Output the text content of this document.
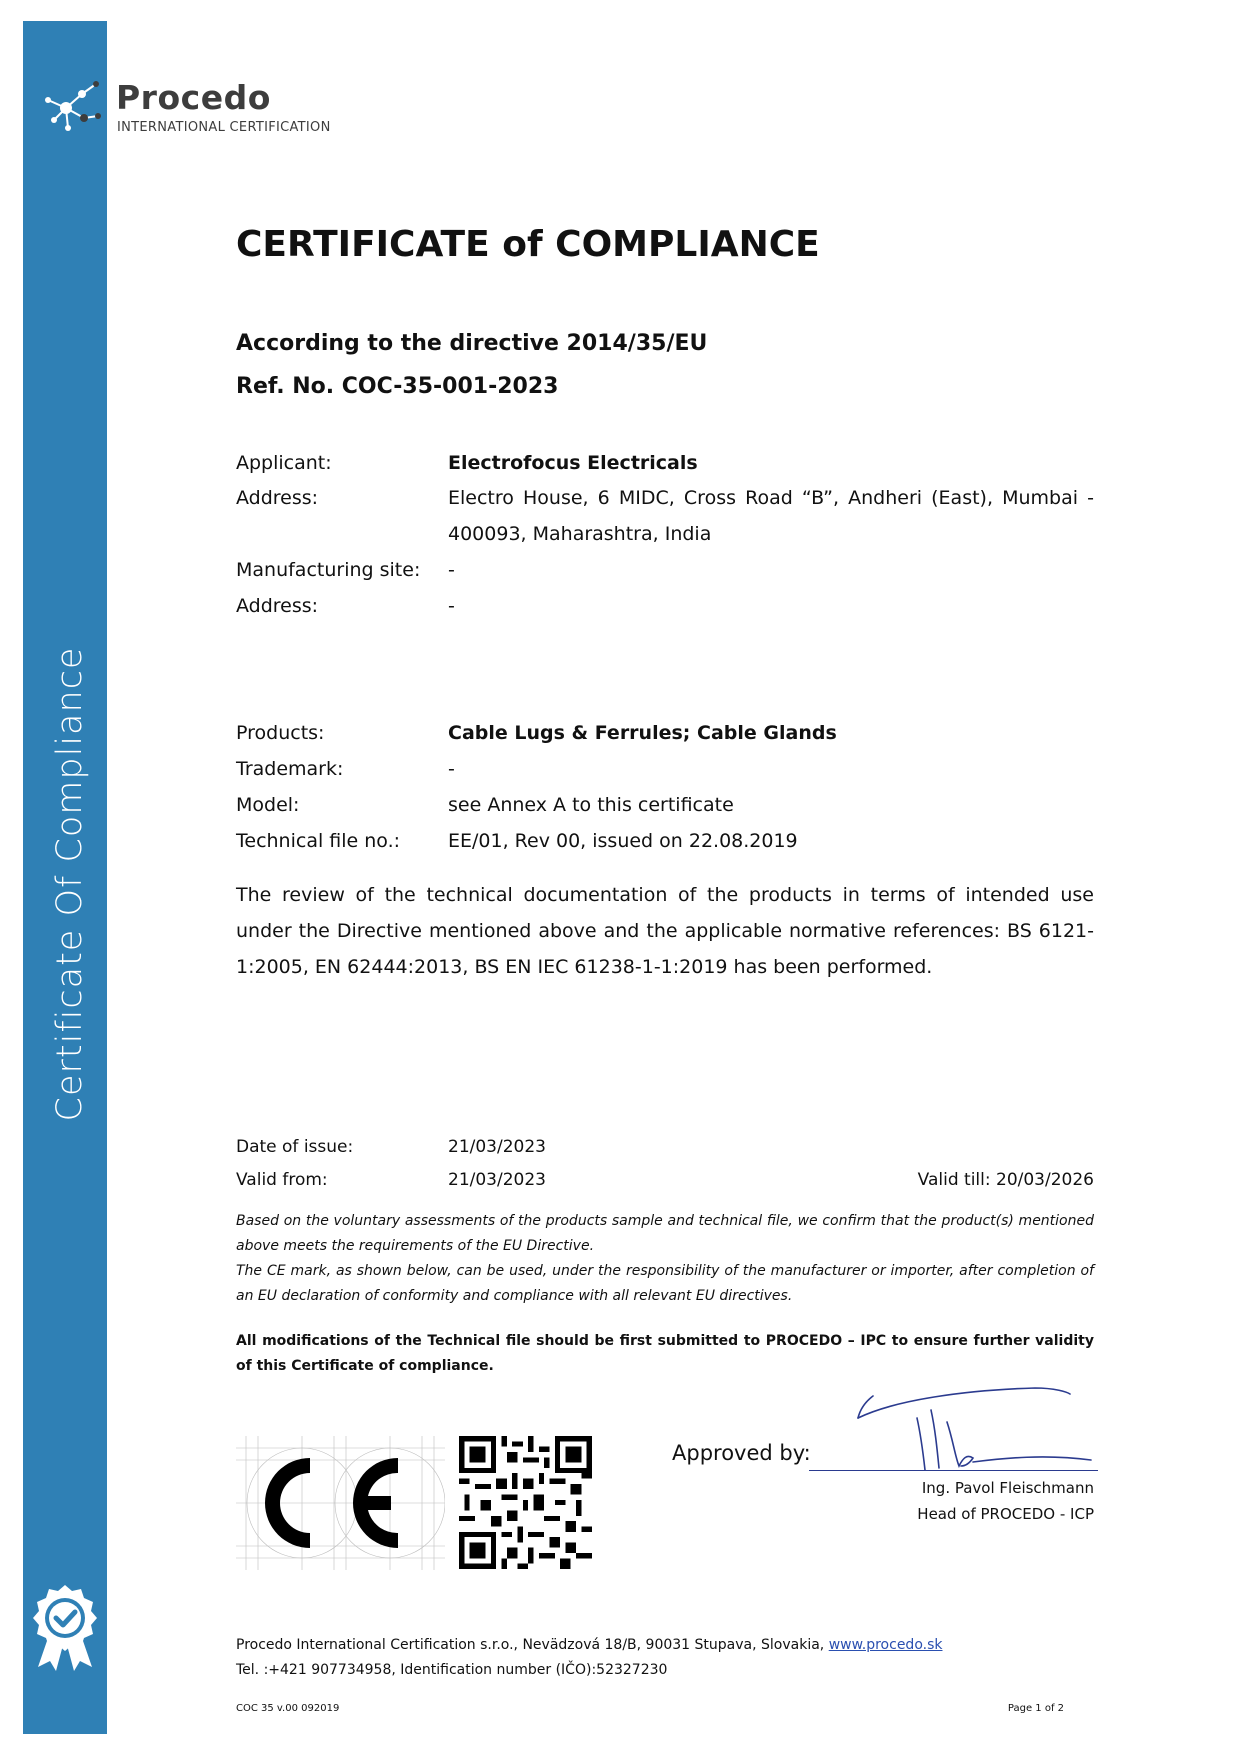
Certificate Of Compliance
Procedo
INTERNATIONAL CERTIFICATION
CERTIFICATE of COMPLIANCE
According to the directive 2014/35/EU
Ref. No. COC-35-001-2023

Applicant:	Electrofocus Electricals

Address:	Electro House, 6 MIDC, Cross Road “B”, Andheri (East), Mumbai - 400093, Maharashtra, India

Manufacturing site: -

Address:	-

Products:	Cable Lugs & Ferrules; Cable Glands

Trademark:	-

Model:	see Annex A to this certificate

Technical file no.:	EE/01, Rev 00, issued on 22.08.2019

The review of the technical documentation of the products in terms of intended use under the Directive mentioned above and the applicable normative references: BS 6121-1:2005, EN 62444:2013, BS EN IEC 61238-1-1:2019 has been performed.

Date of issue:	21/03/2023

Valid from:	21/03/2023	Valid till: 20/03/2026

Based on the voluntary assessments of the products sample and technical file, we confirm that the product(s) mentioned above meets the requirements of the EU Directive.

The CE mark, as shown below, can be used, under the responsibility of the manufacturer or importer, after completion of an EU declaration of conformity and compliance with all relevant EU directives.

All modifications of the Technical file should be first submitted to PROCEDO – IPC to ensure further validity of this Certificate of compliance.

Approved by:

Ing. Pavol Fleischmann

Head of PROCEDO - ICP

Procedo International Certification s.r.o., Nevädzová 18/B, 90031 Stupava, Slovakia, www.procedo.sk

Tel. :+421 907734958, Identification number (IČO):52327230

COC 35 v.00 092019	Page 1 of 2
